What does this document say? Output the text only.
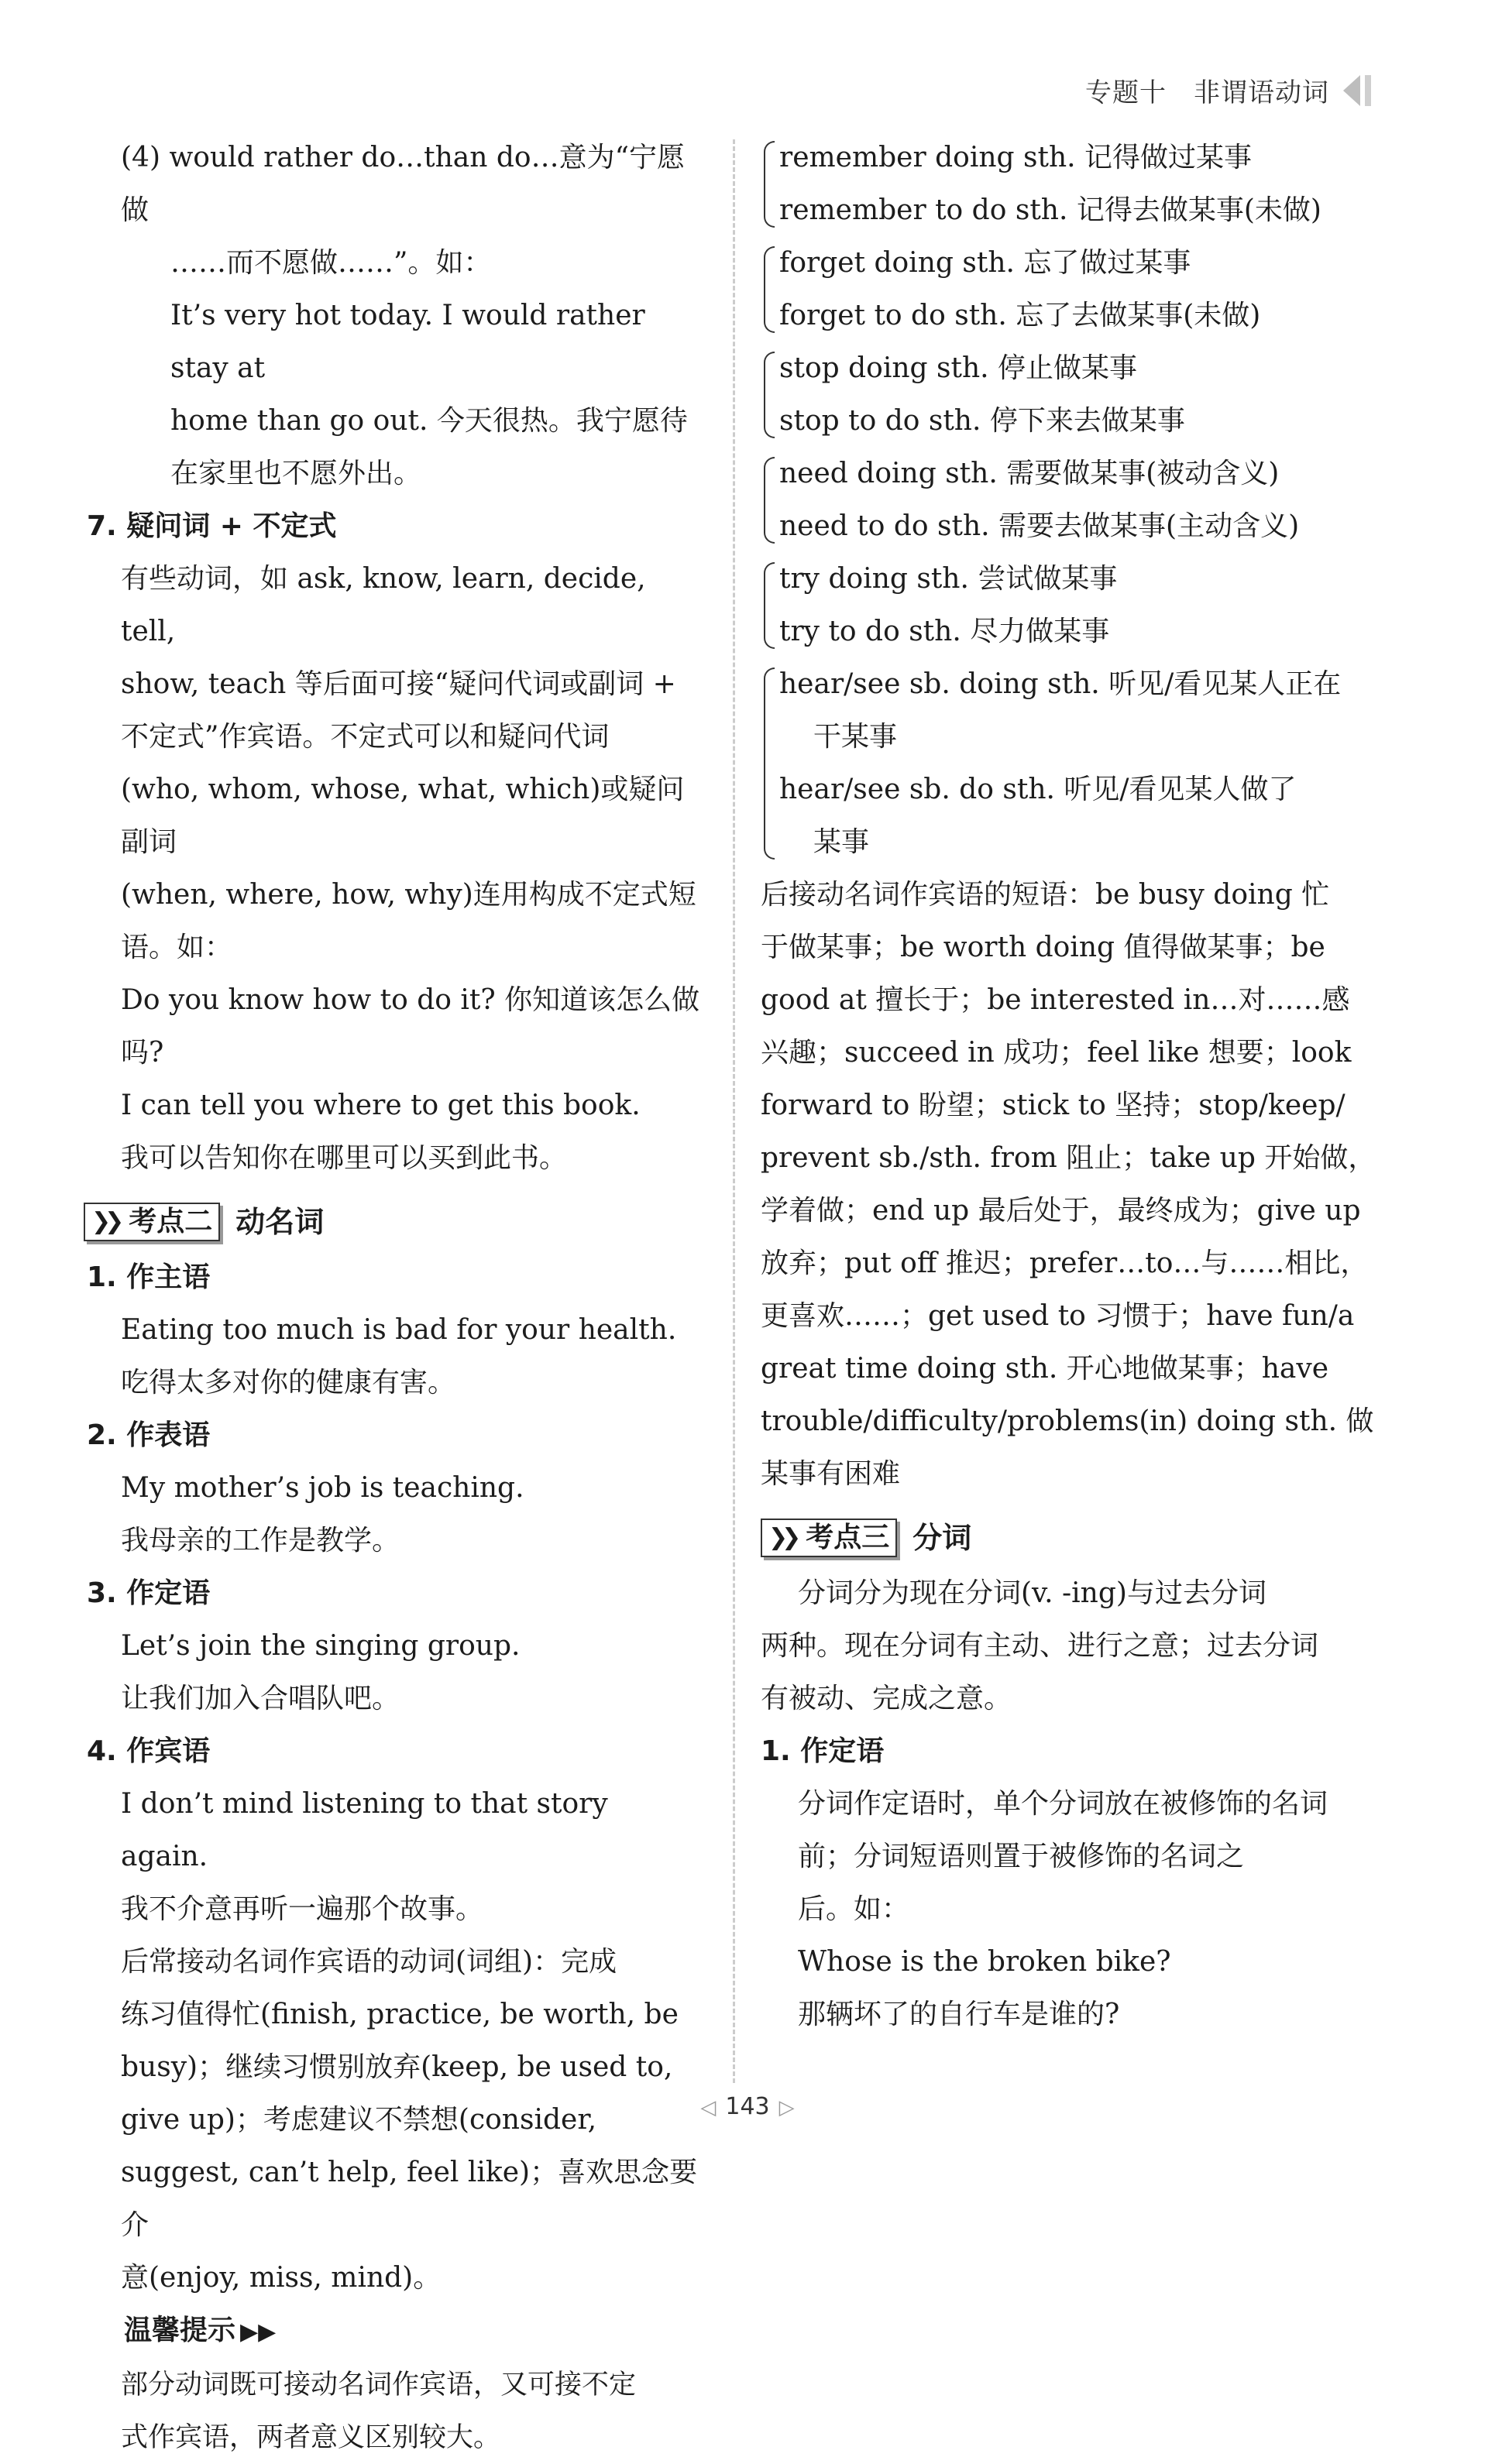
专题十　非谓语动词

(4) would rather do…than do…意为“宁愿做

……而不愿做……”。如：

It’s very hot today. I would rather stay at

home than go out. 今天很热。我宁愿待

在家里也不愿外出。

7. 疑问词 + 不定式

有些动词，如 ask, know, learn, decide, tell,

show, teach 等后面可接“疑问代词或副词 +

不定式”作宾语。不定式可以和疑问代词

(who, whom, whose, what, which)或疑问副词

(when, where, how, why)连用构成不定式短

语。如：

Do you know how to do it? 你知道该怎么做吗?

I can tell you where to get this book.

我可以告知你在哪里可以买到此书。

❯❯ 考点二 动名词

1. 作主语

Eating too much is bad for your health.

吃得太多对你的健康有害。

2. 作表语

My mother’s job is teaching.

我母亲的工作是教学。

3. 作定语

Let’s join the singing group.

让我们加入合唱队吧。

4. 作宾语

I don’t mind listening to that story again.

我不介意再听一遍那个故事。

后常接动名词作宾语的动词(词组)：完成

练习值得忙(finish, practice, be worth, be

busy)；继续习惯别放弃(keep, be used to,

give up)；考虑建议不禁想(consider,

suggest, can’t help, feel like)；喜欢思念要介

意(enjoy, miss, mind)。

温馨提示 ▶▶

部分动词既可接动名词作宾语，又可接不定

式作宾语，两者意义区别较大。

remember doing sth. 记得做过某事

remember to do sth. 记得去做某事(未做)

forget doing sth. 忘了做过某事

forget to do sth. 忘了去做某事(未做)

stop doing sth. 停止做某事

stop to do sth. 停下来去做某事

need doing sth. 需要做某事(被动含义)

need to do sth. 需要去做某事(主动含义)

try doing sth. 尝试做某事

try to do sth. 尽力做某事

hear/see sb. doing sth. 听见/看见某人正在

干某事

hear/see sb. do sth. 听见/看见某人做了

某事

后接动名词作宾语的短语：be busy doing 忙

于做某事；be worth doing 值得做某事；be

good at 擅长于；be interested in…对……感

兴趣；succeed in 成功；feel like 想要；look

forward to 盼望；stick to 坚持；stop/keep/

prevent sb./sth. from 阻止；take up 开始做，

学着做；end up 最后处于，最终成为；give up

放弃；put off 推迟；prefer…to…与……相比，

更喜欢……；get used to 习惯于；have fun/a

great time doing sth. 开心地做某事；have

trouble/difficulty/problems(in) doing sth. 做

某事有困难

❯❯ 考点三 分词

分词分为现在分词(v. -ing)与过去分词

两种。现在分词有主动、进行之意；过去分词

有被动、完成之意。

1. 作定语

分词作定语时，单个分词放在被修饰的名词

前；分词短语则置于被修饰的名词之

后。如：

Whose is the broken bike?

那辆坏了的自行车是谁的?

◁ 143 ▷
